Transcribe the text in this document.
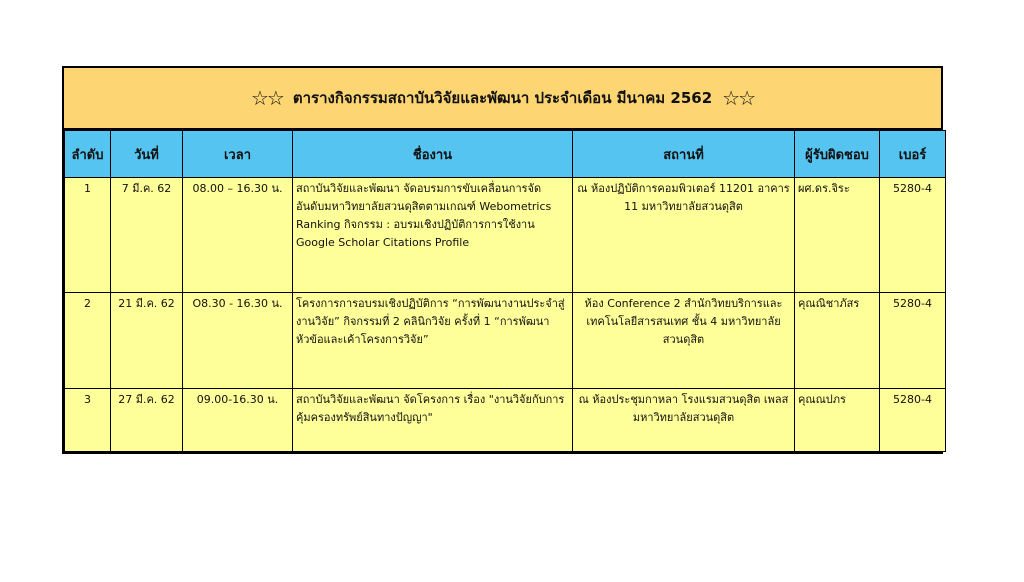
☆☆ ตารางกิจกรรมสถาบันวิจัยและพัฒนา ประจำเดือน มีนาคม 2562 ☆☆
ลำดับ	วันที่	เวลา	ชื่องาน	สถานที่	ผู้รับผิดชอบ	เบอร์
1	7 มี.ค. 62	08.00 – 16.30 น.	สถาบันวิจัยและพัฒนา จัดอบรมการขับเคลื่อนการจัดอันดับมหาวิทยาลัยสวนดุสิตตามเกณฑ์ Webometrics Ranking กิจกรรม : อบรมเชิงปฏิบัติการการใช้งาน Google Scholar Citations Profile	ณ ห้องปฏิบัติการคอมพิวเตอร์ 11201 อาคาร 11 มหาวิทยาลัยสวนดุสิต	ผศ.ดร.จิระ	5280-4
2	21 มี.ค. 62	O8.30 - 16.30 น.	โครงการการอบรมเชิงปฏิบัติการ “การพัฒนางานประจำสู่งานวิจัย” กิจกรรมที่ 2 คลินิกวิจัย ครั้งที่ 1 “การพัฒนาหัวข้อและเค้าโครงการวิจัย”	ห้อง Conference 2 สำนักวิทยบริการและเทคโนโลยีสารสนเทศ ชั้น 4 มหาวิทยาลัยสวนดุสิต	คุณณิชาภัสร	5280-4
3	27 มี.ค. 62	09.00-16.30 น.	สถาบันวิจัยและพัฒนา จัดโครงการ เรื่อง "งานวิจัยกับการคุ้มครองทรัพย์สินทางปัญญา"	ณ ห้องประชุมกาหลา โรงแรมสวนดุสิต เพลส มหาวิทยาลัยสวนดุสิต	คุณณปภร	5280-4
